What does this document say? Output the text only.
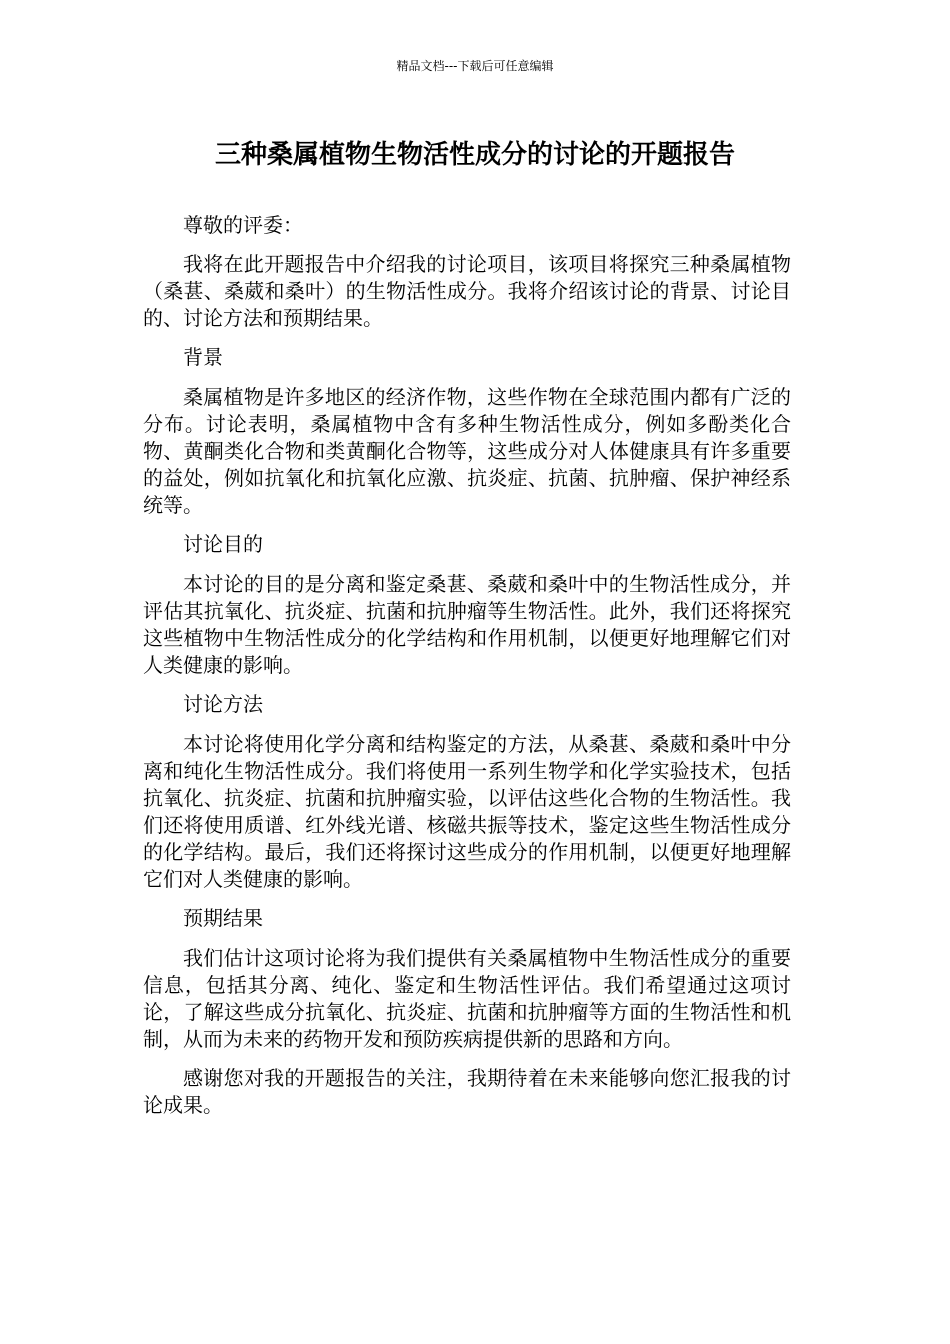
精品文档---下载后可任意编辑
三种桑属植物生物活性成分的讨论的开题报告

尊敬的评委：

我将在此开题报告中介绍我的讨论项目，该项目将探究三种桑属植物（桑葚、桑葳和桑叶）的生物活性成分。我将介绍该讨论的背景、讨论目的、讨论方法和预期结果。

背景

桑属植物是许多地区的经济作物，这些作物在全球范围内都有广泛的分布。讨论表明，桑属植物中含有多种生物活性成分，例如多酚类化合物、黄酮类化合物和类黄酮化合物等，这些成分对人体健康具有许多重要的益处，例如抗氧化和抗氧化应激、抗炎症、抗菌、抗肿瘤、保护神经系统等。

讨论目的

本讨论的目的是分离和鉴定桑葚、桑葳和桑叶中的生物活性成分，并评估其抗氧化、抗炎症、抗菌和抗肿瘤等生物活性。此外，我们还将探究这些植物中生物活性成分的化学结构和作用机制，以便更好地理解它们对人类健康的影响。

讨论方法

本讨论将使用化学分离和结构鉴定的方法，从桑葚、桑葳和桑叶中分离和纯化生物活性成分。我们将使用一系列生物学和化学实验技术，包括抗氧化、抗炎症、抗菌和抗肿瘤实验，以评估这些化合物的生物活性。我们还将使用质谱、红外线光谱、核磁共振等技术，鉴定这些生物活性成分的化学结构。最后，我们还将探讨这些成分的作用机制，以便更好地理解它们对人类健康的影响。

预期结果

我们估计这项讨论将为我们提供有关桑属植物中生物活性成分的重要信息，包括其分离、纯化、鉴定和生物活性评估。我们希望通过这项讨论，了解这些成分抗氧化、抗炎症、抗菌和抗肿瘤等方面的生物活性和机制，从而为未来的药物开发和预防疾病提供新的思路和方向。

感谢您对我的开题报告的关注，我期待着在未来能够向您汇报我的讨论成果。
